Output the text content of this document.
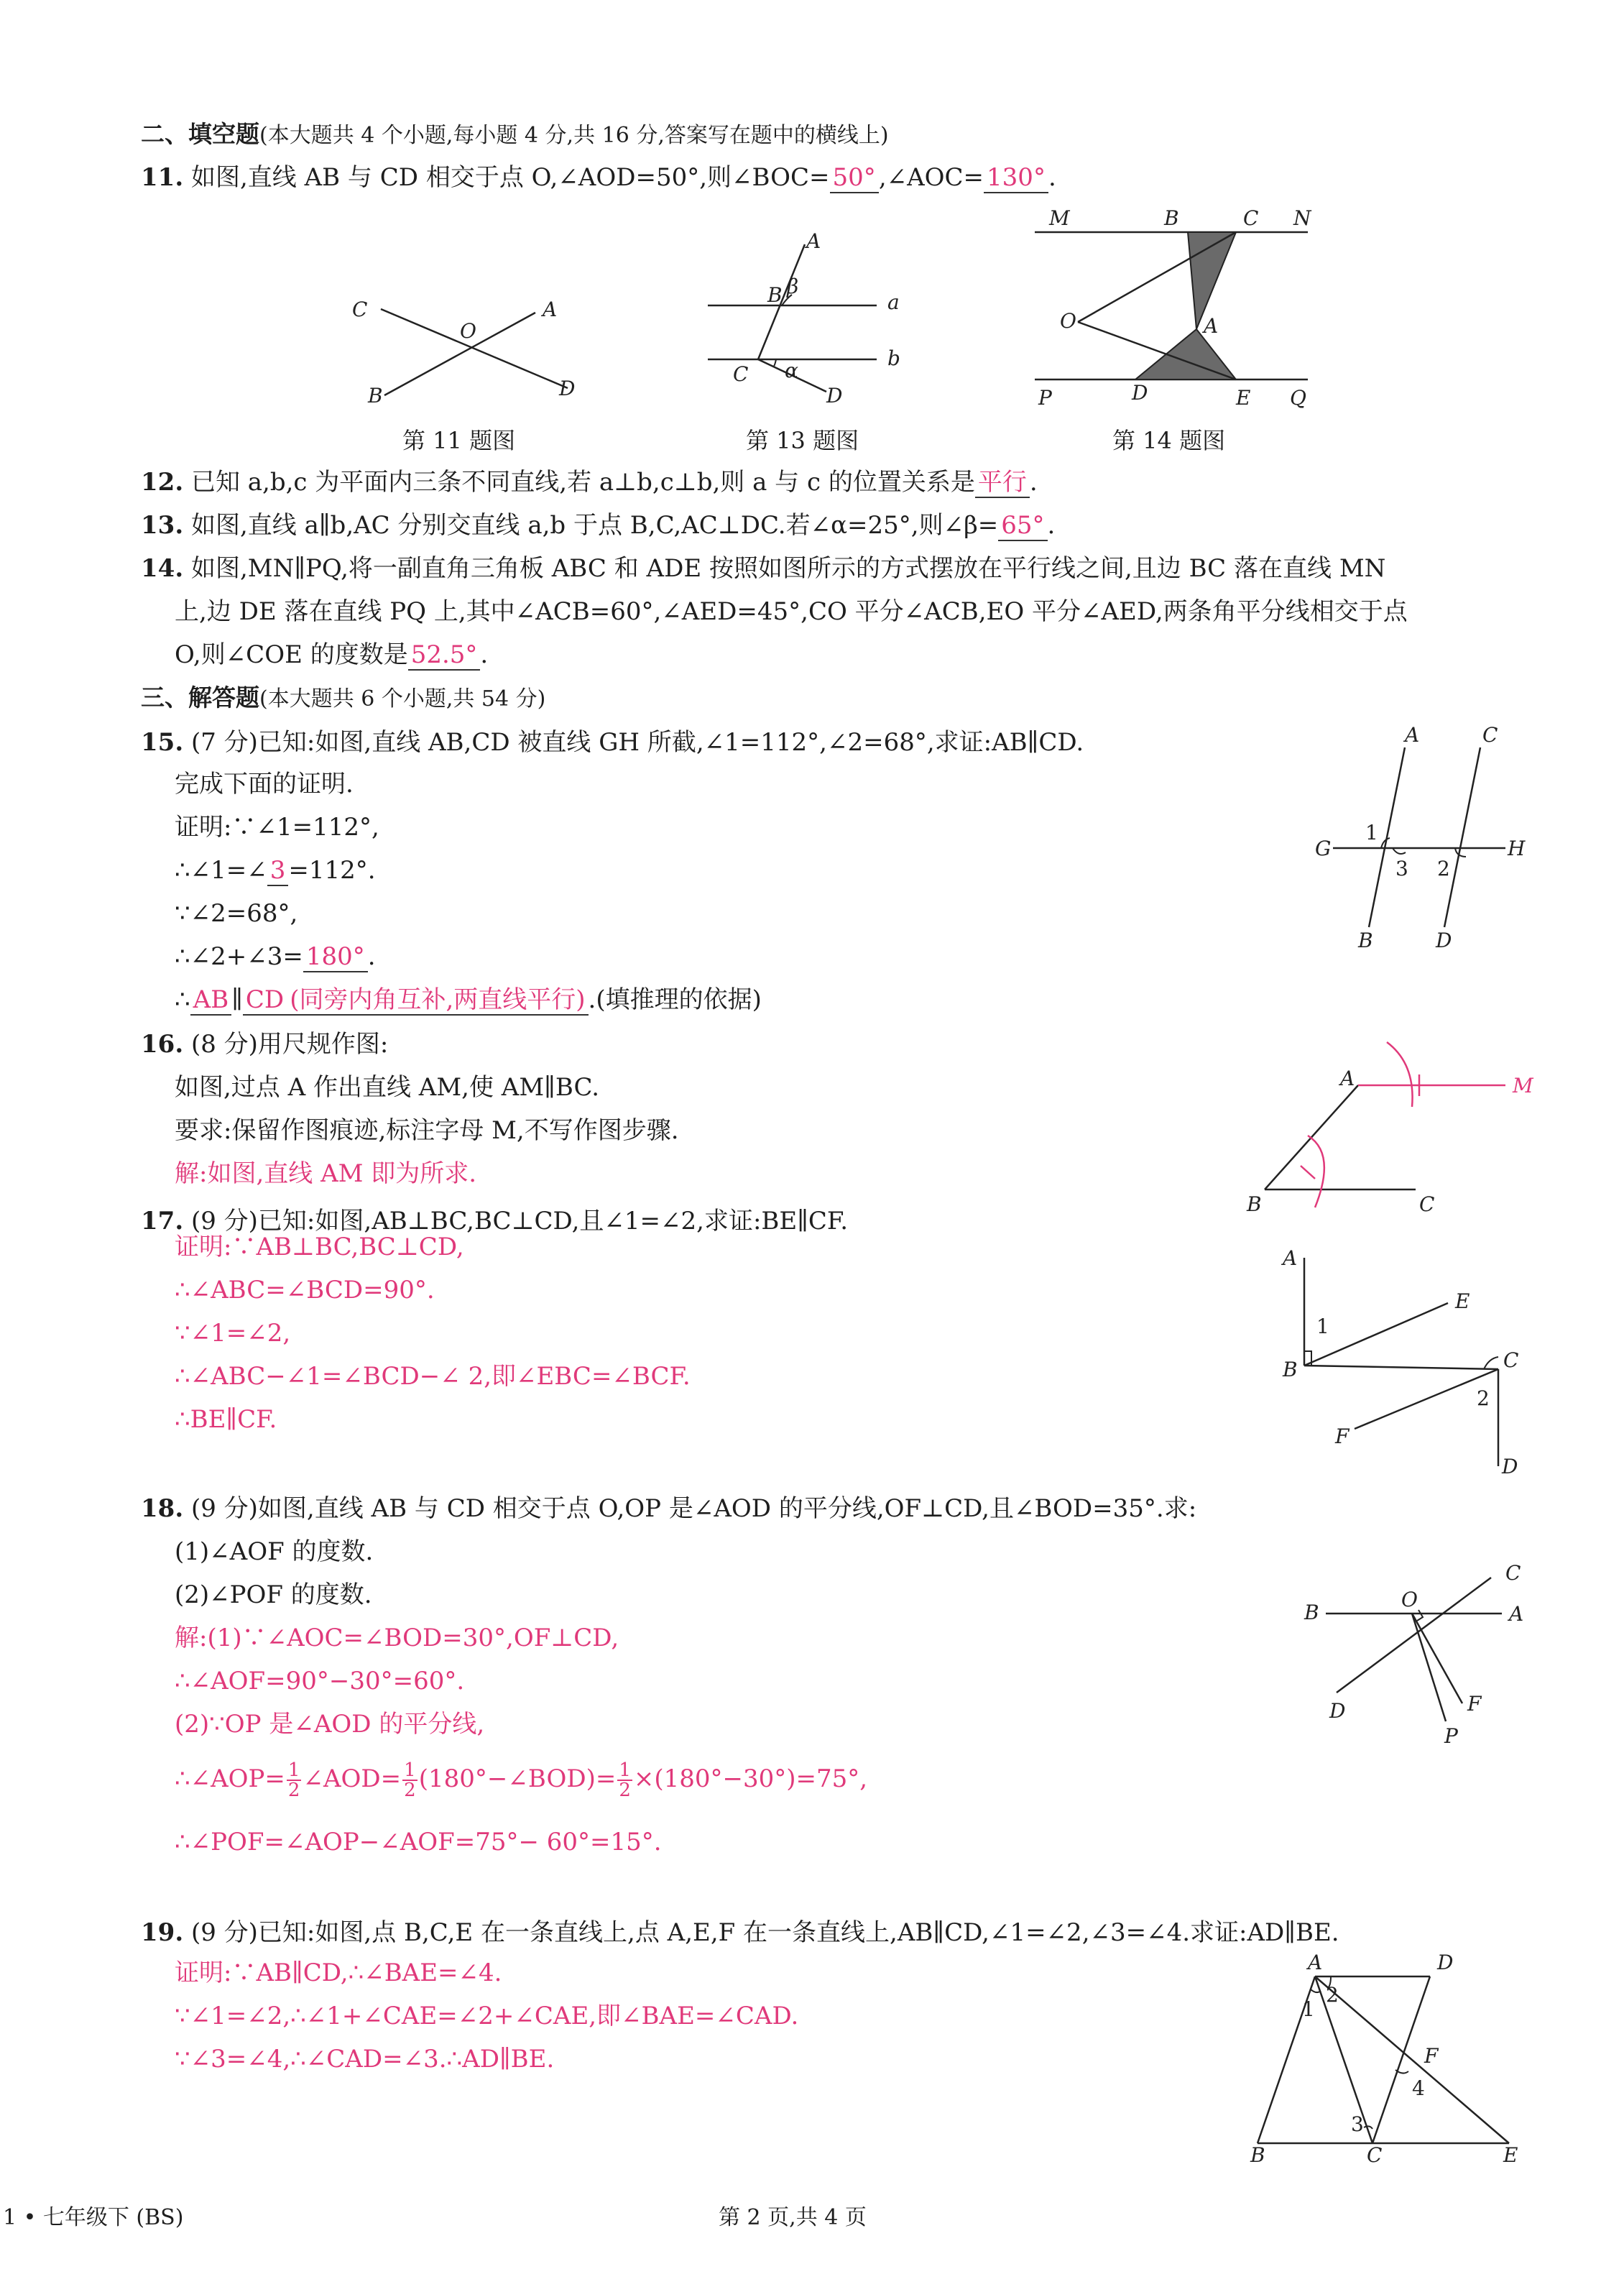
二、填空题(本大题共 4 个小题,每小题 4 分,共 16 分,答案写在题中的横线上)
11. 如图,直线 AB 与 CD 相交于点 O,∠AOD=50°,则∠BOC= 50° ,∠AOC= 130° .
C	A
O
B	D
第 11 题图
A
B β
a
C α
b
D
第 13 题图
M	B	C N
O	A
P	D	E Q
第 14 题图
12. 已知 a,b,c 为平面内三条不同直线,若 a⊥b,c⊥b,则 a 与 c 的位置关系是 平行 .
13. 如图,直线 a∥b,AC 分别交直线 a,b 于点 B,C,AC⊥DC.若∠α=25°,则∠β= 65° .
14. 如图,MN∥PQ,将一副直角三角板 ABC 和 ADE 按照如图所示的方式摆放在平行线之间,且边 BC 落在直线 MN
上,边 DE 落在直线 PQ 上,其中∠ACB=60°,∠AED=45°,CO 平分∠ACB,EO 平分∠AED,两条角平分线相交于点
O,则∠COE 的度数是 52.5° .
三、解答题(本大题共 6 个小题,共 54 分)
15. (7 分)已知:如图,直线 AB,CD 被直线 GH 所截,∠1=112°,∠2=68°,求证:AB∥CD.
完成下面的证明.
证明:∵∠1=112°,
∴∠1=∠ 3 =112°.
∵∠2=68°,
∴∠2+∠3= 180° .
∴ AB ∥ CD (同旁内角互补,两直线平行) .(填推理的依据)
A	C
G
1
3 2
H
B	D
16. (8 分)用尺规作图:
如图,过点 A 作出直线 AM,使 AM∥BC.
要求:保留作图痕迹,标注字母 M,不写作图步骤.
解:如图,直线 AM 即为所求.
A	M
B	C
17. (9 分)已知:如图,AB⊥BC,BC⊥CD,且∠1=∠2,求证:BE∥CF.
证明:∵AB⊥BC,BC⊥CD,
∴∠ABC=∠BCD=90°.
∵∠1=∠2,
∴∠ABC−∠1=∠BCD−∠ 2,即∠EBC=∠BCF.
∴BE∥CF.
A
E
1
B	C
2
F
D
18. (9 分)如图,直线 AB 与 CD 相交于点 O,OP 是∠AOD 的平分线,OF⊥CD,且∠BOD=35°.求:
(1)∠AOF 的度数.
(2)∠POF 的度数.
解:(1)∵∠AOC=∠BOD=30°,OF⊥CD,
∴∠AOF=90°−30°=60°.
(2)∵OP 是∠AOD 的平分线,
∴∠AOP= $\frac{1}{2}$ ∠AOD= $\frac{1}{2}$ (180°−∠BOD)= $\frac{1}{2} \times(180^\circ-30^\circ)=75^\circ$,
∴∠POF=∠AOP−∠AOF=75°− 60°=15°.
C
B
O
A
D	F
P
19. (9 分)已知:如图,点 B,C,E 在一条直线上,点 A,E,F 在一条直线上,AB∥CD,∠1=∠2,∠3=∠4.求证:AD∥BE.
证明:∵AB∥CD,∴∠BAE=∠4.
∵∠1=∠2,∴∠1+∠CAE=∠2+∠CAE,即∠BAE=∠CAD.
∵∠3=∠4,∴∠CAD=∠3.∴AD∥BE.
A	D
2
1
F
4
3
B	C	E
1 • 七年级下 (BS)	第 2 页,共 4 页
